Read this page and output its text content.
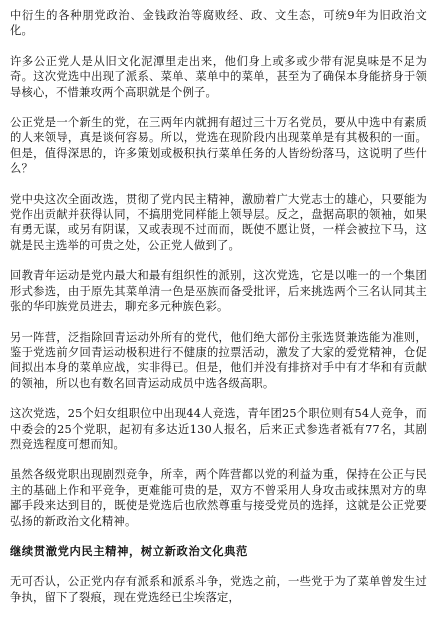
中衍生的各种朋党政治、金钱政治等腐败经、政、文生态，可统9年为旧政治文化。

许多公正党人是从旧文化泥潭里走出来，他们身上或多或少带有泥臭味是不足为奇。这次党选中出现了派系、菜单、菜单中的菜单，甚至为了确保本身能挤身于领导核心，不惜兼攻两个高职就是个例子。

公正党是一个新生的党，在三两年内就拥有超过三十万名党员，要从中选中有素质的人来领导，真是谈何容易。所以，党选在现阶段内出现菜单是有其极积的一面。但是，值得深思的，许多策划或极积执行菜单任务的人皆纷纷落马，这说明了些什么？

党中央这次全面改选，贯彻了党内民主精神，激励着广大党志士的雄心，只要能为党作出贡献并获得认同，不搞朋党同样能上领导层。反之，盘据高职的领袖，如果有勇无谋，或另有阴谋，又或表现不过而而，既使不愿让贤，一样会被拉下马，这就是民主选举的可贵之处，公正党人做到了。

回教青年运动是党内最大和最有组织性的派别，这次党选，它是以唯一的一个集团形式参选，由于原先其菜单清一色是巫族而备受批评，后来挑选两个三名认同其主张的华印族党员进去，聊充多元种族色彩。

另一阵营，泛指除回青运动外所有的党代，他们绝大部份主张选贤兼选能为准则，鉴于党选前夕回青运动极积进行不健康的拉票活动，激发了大家的爱党精神，仓促间拟出本身的菜单应战，实非得已。但是，他们并没有排挤对手中有才华和有贡献的领袖，所以也有数名回青运动成员中选各级高职。

这次党选，25个妇女组职位中出现44人竞选，青年团25个职位则有54人竞争，而中委会的25个党职，起初有多达近130人报名，后来正式参选者祗有77名，其剧烈竞选程度可想而知。

虽然各级党职出现剧烈竞争，所幸，两个阵营都以党的利益为重，保持在公正与民主的基础上作和平竞争，更难能可贵的是，双方不曾采用人身攻击或抹黑对方的卑鄙手段来达到目的，既使是党选后也欣然尊重与接受党员的选择，这就是公正党要弘扬的新政治文化精神。

继续贯澈党内民主精神，树立新政治文化典范

无可否认，公正党内存有派系和派系斗争，党选之前，一些党于为了菜单曾发生过争执，留下了裂痕，现在党选经已尘埃落定，
